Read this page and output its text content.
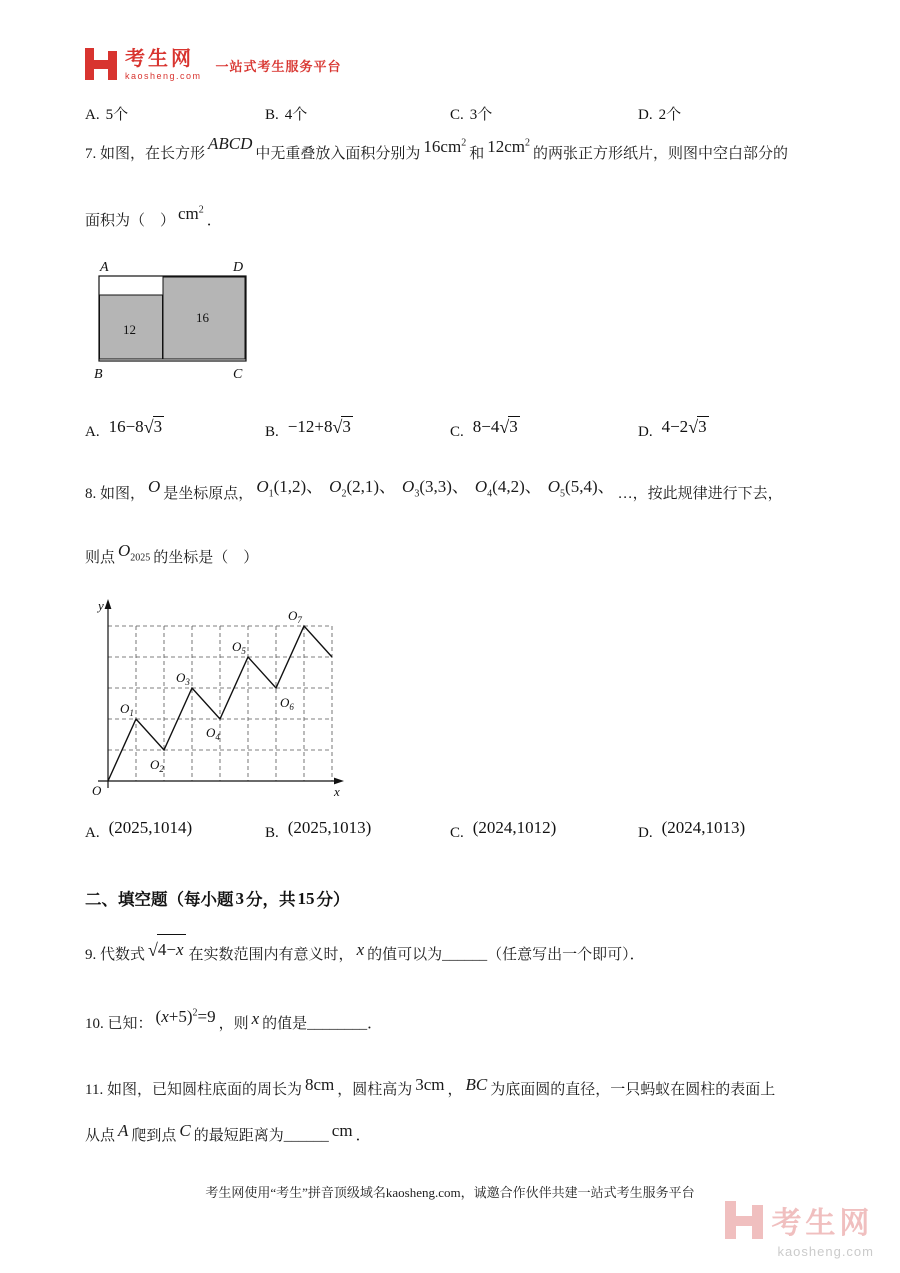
考生网
kaosheng.com
一站式考生服务平台
A. 5个	B. 4个	C. 3个	D. 2个
7. 如图，在长方形ABCD中无重叠放入面积分别为 $16cm^2$和 $12cm^2$的两张正方形纸片，则图中空白部分的
面积为（　） $cm^2$．
A	D
12
16
B	C
A. 16−8√3	B. −12+8√3	C. 8−4√3	D. 4−2√3
8. 如图， O 是坐标原点， $O_1(1,2)$、 $O_2(2,1)$、 $O_3(3,3)$、 $O_4(4,2)$、 $O_5(5,4)$、 …，按此规律进行下去，
则点 $O_{2025}$ 的坐标是（　）
y
x
O
$O_1$
$O_2$
$O_3$
$O_4$
$O_5$
$O_6$
$O_7$
A. (2025,1014)	B. (2025,1013)	C. (2024,1012)	D. (2024,1013)
二、填空题（每小题 3 分，共 15 分）
9. 代数式 √4−x 在实数范围内有意义时， x 的值可以为______（任意写出一个即可）．
10. 已知： $(x+5)^2=9$ ，则 x 的值是________．
11. 如图，已知圆柱底面的周长为 8cm ，圆柱高为 3cm ， BC 为底面圆的直径，一只蚂蚁在圆柱的表面上
从点 A 爬到点 C 的最短距离为______ cm ．
考生网使用“考生”拼音顶级域名kaosheng.com，诚邀合作伙伴共建一站式考生服务平台
考生网
kaosheng.com
